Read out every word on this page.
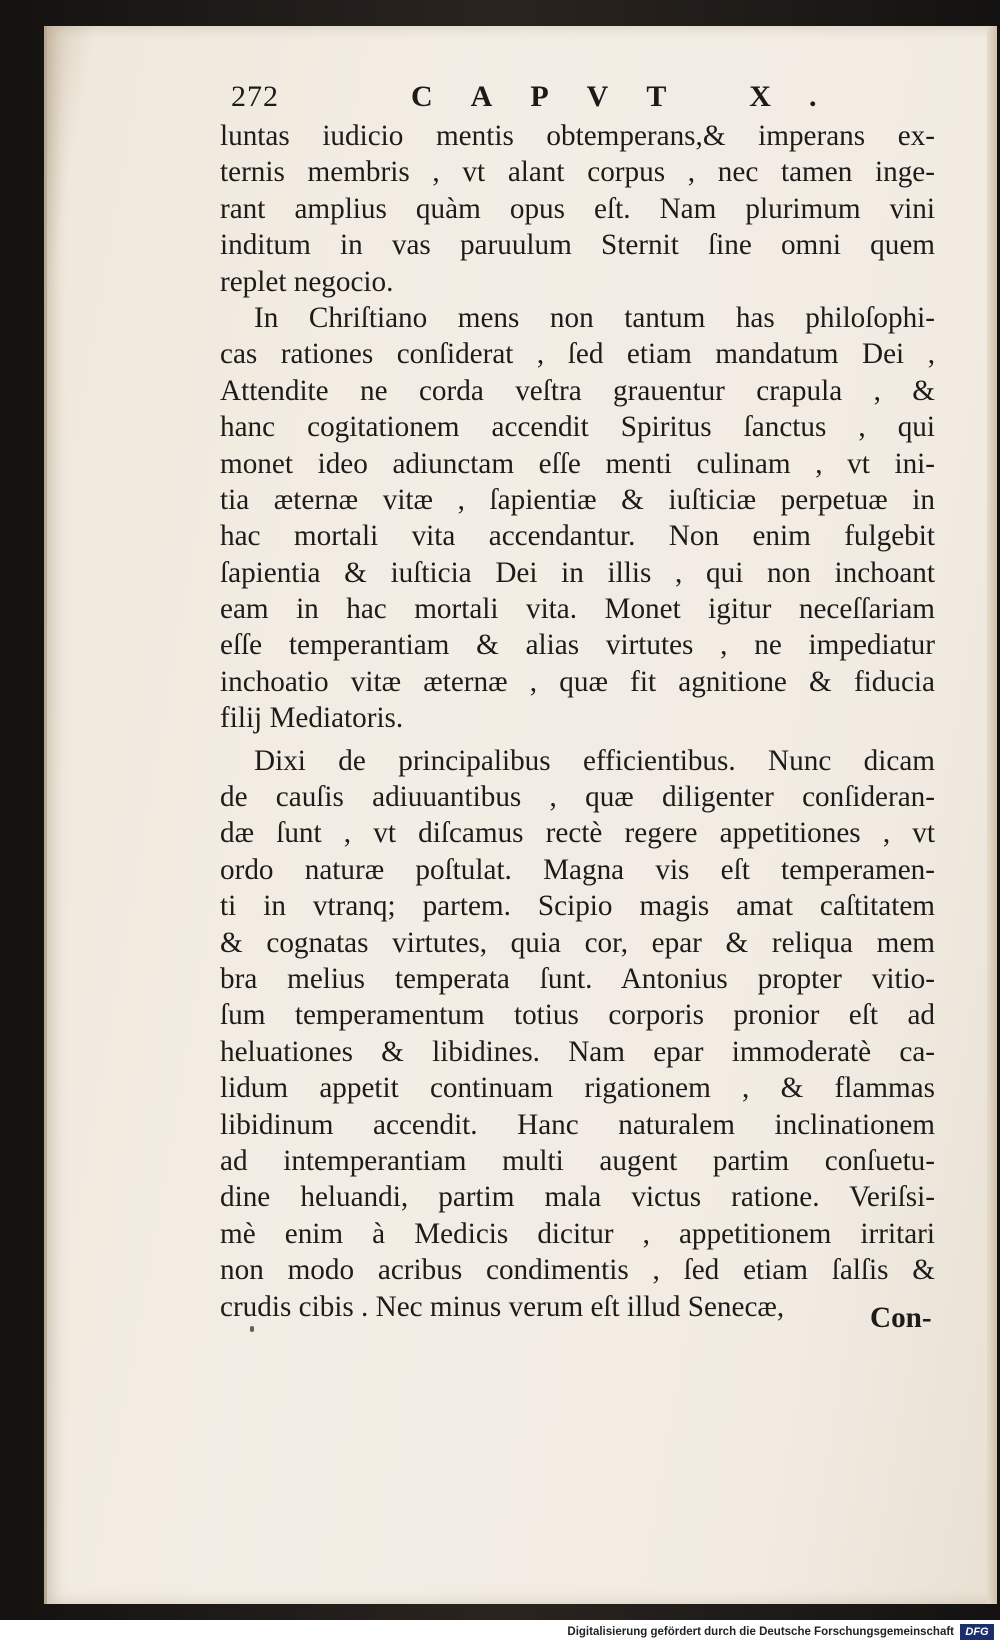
272	CAPVT X.
luntas iudicio mentis obtemperans,& imperans ex-
ternis membris , vt alant corpus , nec tamen inge-
rant amplius quàm opus eſt. Nam plurimum vini
inditum in vas paruulum Sternit ſine omni quem
replet negocio.
In Chriſtiano mens non tantum has philoſophi-
cas rationes conſiderat , ſed etiam mandatum Dei ,
Attendite ne corda veſtra grauentur crapula , &
hanc cogitationem accendit Spiritus ſanctus , qui
monet ideo adiunctam eſſe menti culinam , vt ini-
tia æternæ vitæ , ſapientiæ & iuſticiæ perpetuæ in
hac mortali vita accendantur. Non enim fulgebit
ſapientia & iuſticia Dei in illis , qui non inchoant
eam in hac mortali vita. Monet igitur neceſſariam
eſſe temperantiam & alias virtutes , ne impediatur
inchoatio vitæ æternæ , quæ fit agnitione & fiducia
filij Mediatoris.
Dixi de principalibus efficientibus. Nunc dicam
de cauſis adiuuantibus , quæ diligenter conſideran-
dæ ſunt , vt diſcamus rectè regere appetitiones , vt
ordo naturæ poſtulat. Magna vis eſt temperamen-
ti in vtranq; partem. Scipio magis amat caſtitatem
& cognatas virtutes, quia cor, epar & reliqua mem
bra melius temperata ſunt. Antonius propter vitio-
ſum temperamentum totius corporis pronior eſt ad
heluationes & libidines. Nam epar immoderatè ca-
lidum appetit continuam rigationem , & flammas
libidinum accendit. Hanc naturalem inclinationem
ad intemperantiam multi augent partim conſuetu-
dine heluandi, partim mala victus ratione. Veriſsi-
mè enim à Medicis dicitur , appetitionem irritari
non modo acribus condimentis , ſed etiam ſalſis &
crudis cibis . Nec minus verum eſt illud Senecæ,	Con-
Digitalisierung gefördert durch die Deutsche Forschungsgemeinschaft	DFG
